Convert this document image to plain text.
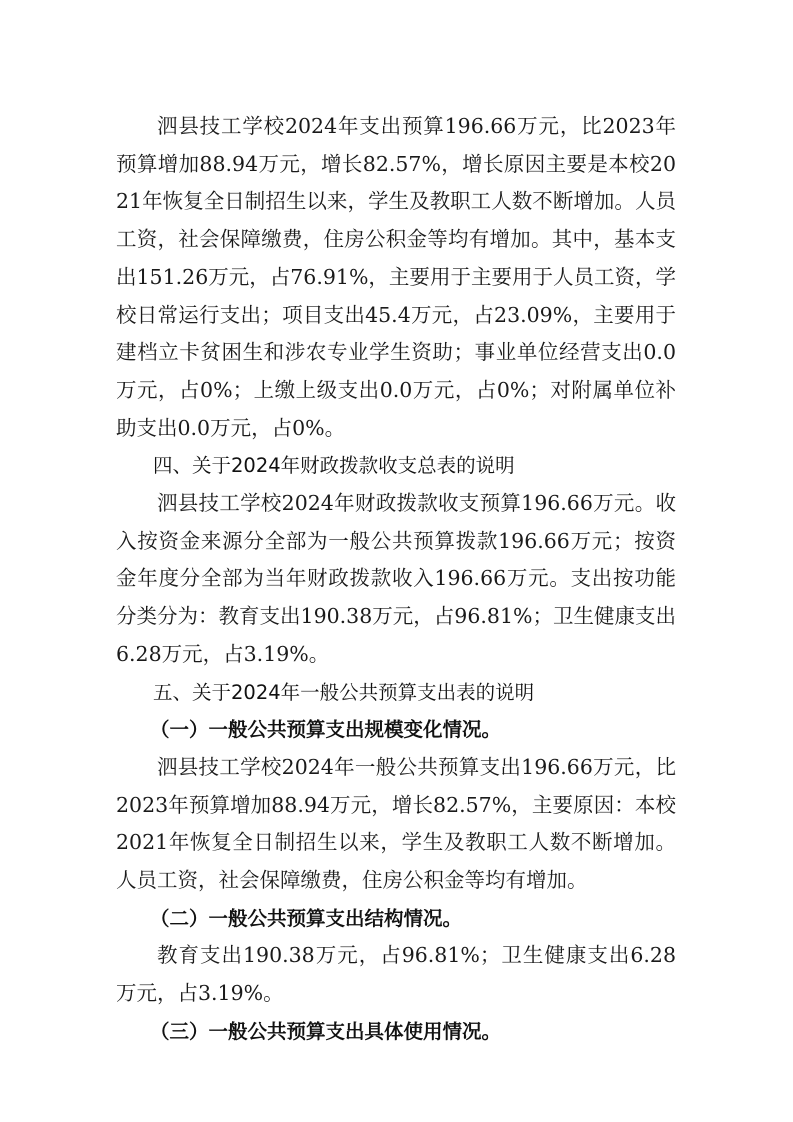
泗县技工学校2024年支出预算196.66万元，比2023年预算增加88.94万元，增长82.57%，增长原因主要是本校2021年恢复全日制招生以来，学生及教职工人数不断增加。人员工资，社会保障缴费，住房公积金等均有增加。其中，基本支出151.26万元，占76.91%，主要用于主要用于人员工资，学校日常运行支出；项目支出45.4万元，占23.09%，主要用于建档立卡贫困生和涉农专业学生资助；事业单位经营支出0.0万元，占0%；上缴上级支出0.0万元，占0%；对附属单位补助支出0.0万元，占0%。

四、关于2024年财政拨款收支总表的说明

泗县技工学校2024年财政拨款收支预算196.66万元。收入按资金来源分全部为一般公共预算拨款196.66万元；按资金年度分全部为当年财政拨款收入196.66万元。支出按功能分类分为：教育支出190.38万元，占96.81%；卫生健康支出6.28万元，占3.19%。

五、关于2024年一般公共预算支出表的说明

（一）一般公共预算支出规模变化情况。

泗县技工学校2024年一般公共预算支出196.66万元，比2023年预算增加88.94万元，增长82.57%，主要原因：本校2021年恢复全日制招生以来，学生及教职工人数不断增加。人员工资，社会保障缴费，住房公积金等均有增加。

（二）一般公共预算支出结构情况。

教育支出190.38万元，占96.81%；卫生健康支出6.28万元，占3.19%。

（三）一般公共预算支出具体使用情况。
